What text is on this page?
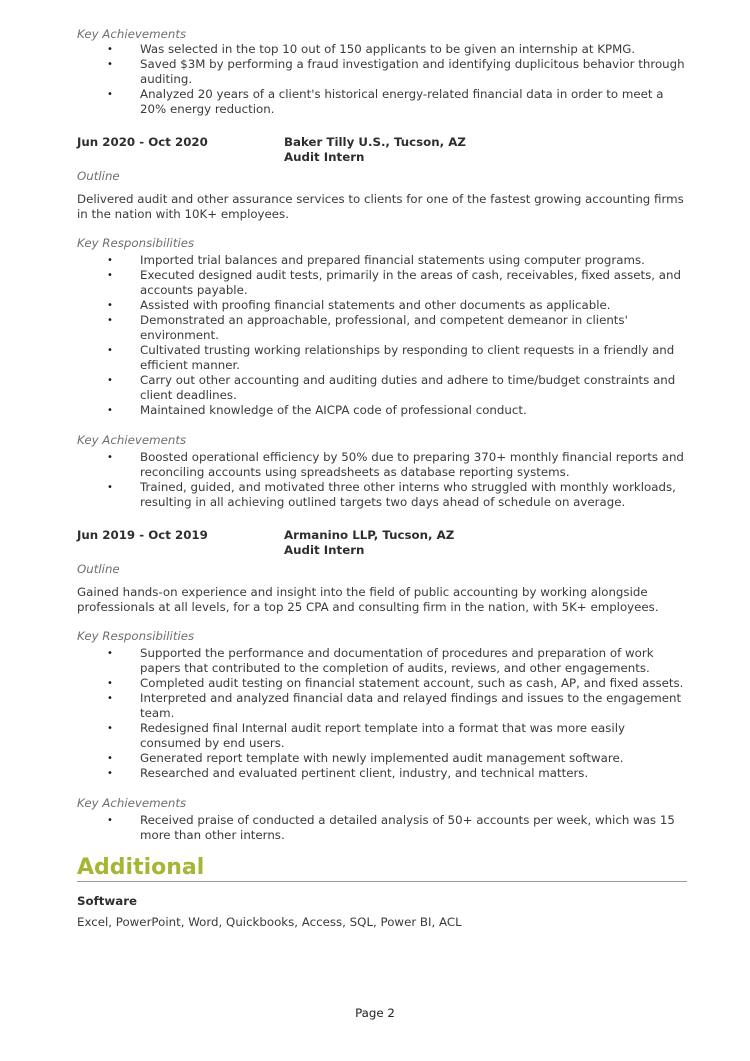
Key Achievements

• Was selected in the top 10 out of 150 applicants to be given an internship at KPMG.
• Saved $3M by performing a fraud investigation and identifying duplicitous behavior through auditing.
• Analyzed 20 years of a client's historical energy-related financial data in order to meet a 20% energy reduction.
Jun 2020 - Oct 2020	Baker Tilly U.S., Tucson, AZ
Audit Intern

Outline

Delivered audit and other assurance services to clients for one of the fastest growing accounting firms in the nation with 10K+ employees.

Key Responsibilities

• Imported trial balances and prepared financial statements using computer programs.
• Executed designed audit tests, primarily in the areas of cash, receivables, fixed assets, and accounts payable.
• Assisted with proofing financial statements and other documents as applicable.
• Demonstrated an approachable, professional, and competent demeanor in clients' environment.
• Cultivated trusting working relationships by responding to client requests in a friendly and efficient manner.
• Carry out other accounting and auditing duties and adhere to time/budget constraints and client deadlines.
• Maintained knowledge of the AICPA code of professional conduct.

Key Achievements

• Boosted operational efficiency by 50% due to preparing 370+ monthly financial reports and reconciling accounts using spreadsheets as database reporting systems.
• Trained, guided, and motivated three other interns who struggled with monthly workloads, resulting in all achieving outlined targets two days ahead of schedule on average.
Jun 2019 - Oct 2019	Armanino LLP, Tucson, AZ
Audit Intern

Outline

Gained hands-on experience and insight into the field of public accounting by working alongside professionals at all levels, for a top 25 CPA and consulting firm in the nation, with 5K+ employees.

Key Responsibilities

• Supported the performance and documentation of procedures and preparation of work papers that contributed to the completion of audits, reviews, and other engagements.
• Completed audit testing on financial statement account, such as cash, AP, and fixed assets.
• Interpreted and analyzed financial data and relayed findings and issues to the engagement team.
• Redesigned final Internal audit report template into a format that was more easily consumed by end users.
• Generated report template with newly implemented audit management software.
• Researched and evaluated pertinent client, industry, and technical matters.

Key Achievements

• Received praise of conducted a detailed analysis of 50+ accounts per week, which was 15 more than other interns.
Additional

Software

Excel, PowerPoint, Word, Quickbooks, Access, SQL, Power BI, ACL

Page 2
